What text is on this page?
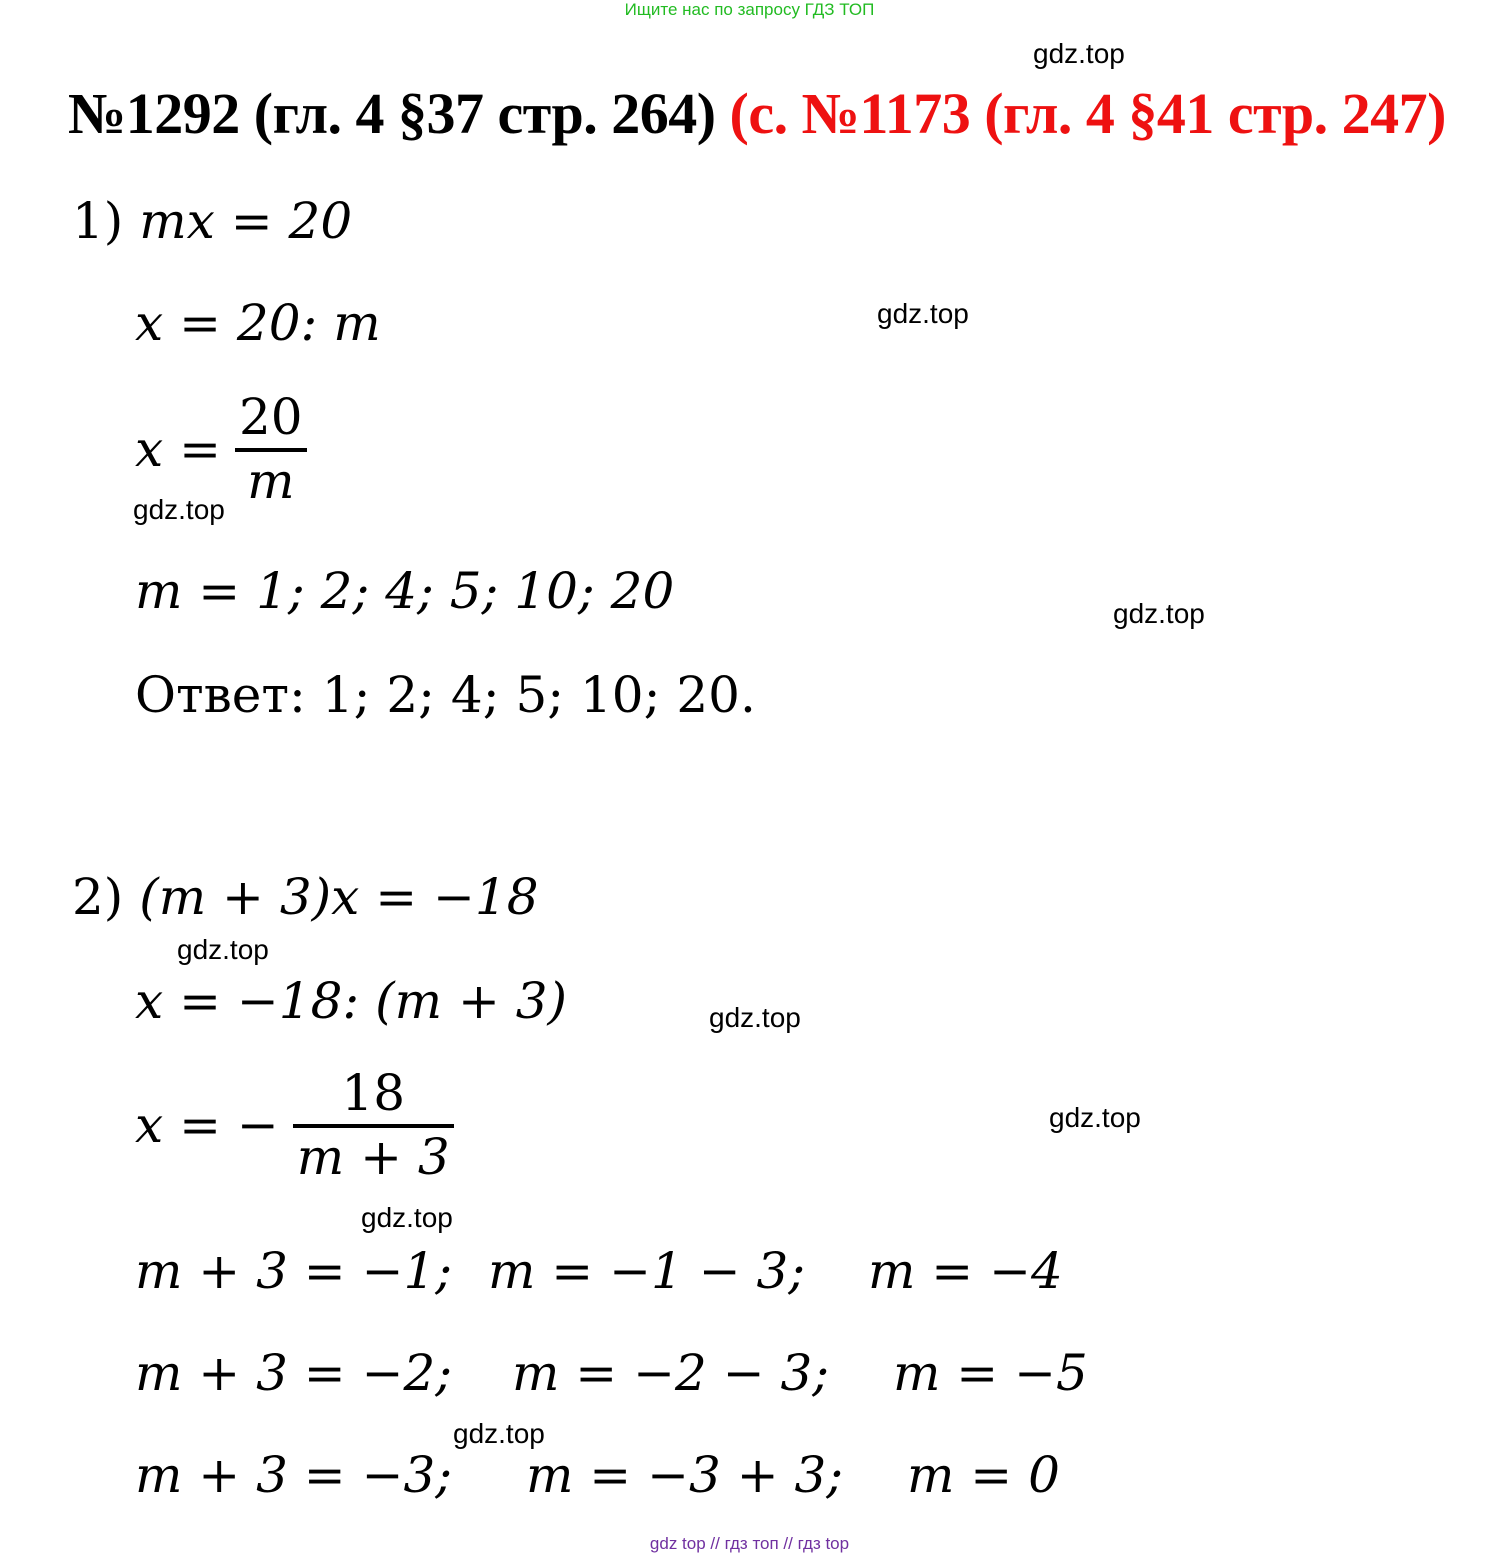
Ищите нас по запросу ГДЗ ТОП
№1292 (гл. 4 §37 стр. 264) (с. №1173 (гл. 4 §41 стр. 247)
gdz.top
gdz.top
gdz.top
gdz.top
gdz.top
gdz.top
gdz.top
gdz.top
gdz.top
1) mx = 20
x = 20: m
$x = \frac{20}{m}$
m = 1; 2; 4; 5; 10; 20
Ответ: 1; 2; 4; 5; 10; 20.
2) (m + 3)x = −18
x = −18: (m + 3)
x = − $\frac{18}{m + 3}$
m + 3 = −1; m = −1 − 3; m = −4
m + 3 = −2; m = −2 − 3; m = −5
m + 3 = −3; m = −3 + 3; m = 0
gdz top // гдз топ // гдз top
